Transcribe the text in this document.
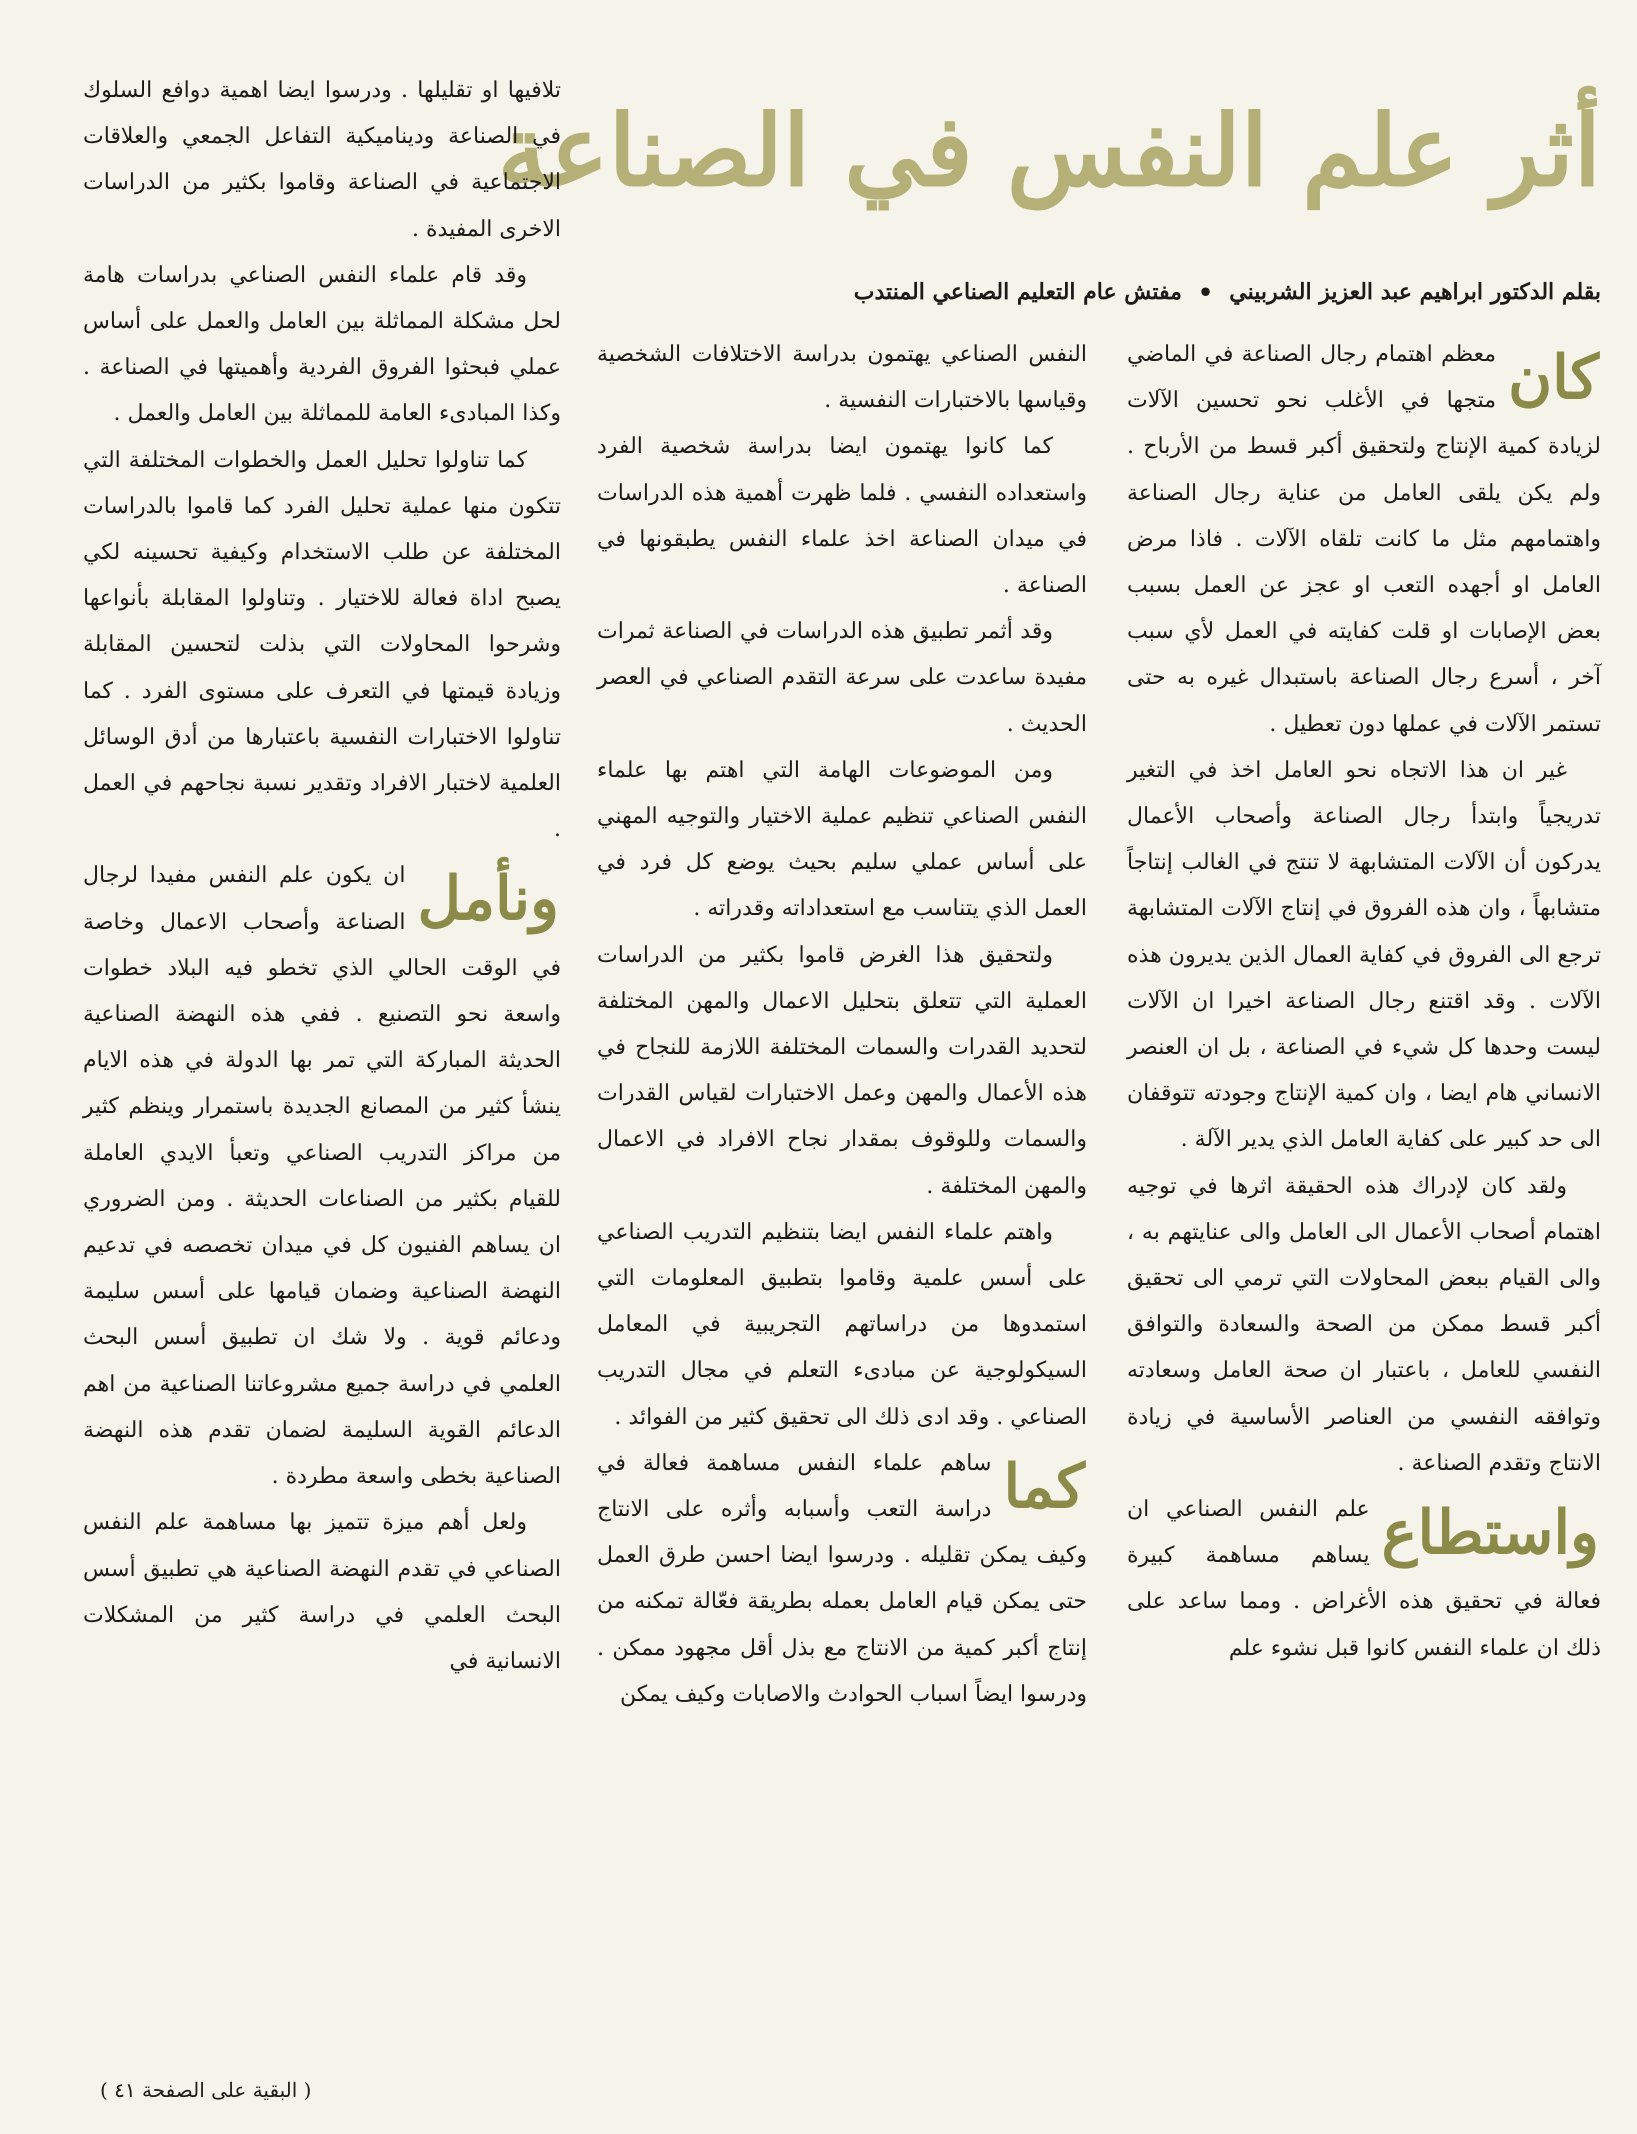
أثر علم النفس في الصناعة
بقلم الدكتور ابراهيم عبد العزيز الشربيني
•
مفتش عام التعليم الصناعي المنتدب

كان
معظم اهتمام رجال الصناعة في الماضي متجها في الأغلب نحو تحسين الآلات لزيادة كمية الإنتاج ولتحقيق أكبر قسط من الأرباح . ولم يكن يلقى العامل من عناية رجال الصناعة واهتمامهم مثل ما كانت تلقاه الآلات . فاذا مرض العامل او أجهده التعب او عجز عن العمل بسبب بعض الإصابات او قلت كفايته في العمل لأي سبب آخر ، أسرع رجال الصناعة باستبدال غيره به حتى تستمر الآلات في عملها دون تعطيل .

غير ان هذا الاتجاه نحو العامل اخذ في التغير تدريجياً وابتدأ رجال الصناعة وأصحاب الأعمال يدركون أن الآلات المتشابهة لا تنتج في الغالب إنتاجاً متشابهاً ، وان هذه الفروق في إنتاج الآلات المتشابهة ترجع الى الفروق في كفاية العمال الذين يديرون هذه الآلات . وقد اقتنع رجال الصناعة اخيرا ان الآلات ليست وحدها كل شيء في الصناعة ، بل ان العنصر الانساني هام ايضا ، وان كمية الإنتاج وجودته تتوقفان الى حد كبير على كفاية العامل الذي يدير الآلة .

ولقد كان لإدراك هذه الحقيقة اثرها في توجيه اهتمام أصحاب الأعمال الى العامل والى عنايتهم به ، والى القيام ببعض المحاولات التي ترمي الى تحقيق أكبر قسط ممكن من الصحة والسعادة والتوافق النفسي للعامل ، باعتبار ان صحة العامل وسعادته وتوافقه النفسي من العناصر الأساسية في زيادة الانتاج وتقدم الصناعة .

واستطاع
علم النفس الصناعي ان يساهم مساهمة كبيرة فعالة في تحقيق هذه الأغراض . ومما ساعد على ذلك ان علماء النفس كانوا قبل نشوء علم

النفس الصناعي يهتمون بدراسة الاختلافات الشخصية وقياسها بالاختبارات النفسية .

كما كانوا يهتمون ايضا بدراسة شخصية الفرد واستعداده النفسي . فلما ظهرت أهمية هذه الدراسات في ميدان الصناعة اخذ علماء النفس يطبقونها في الصناعة .

وقد أثمر تطبيق هذه الدراسات في الصناعة ثمرات مفيدة ساعدت على سرعة التقدم الصناعي في العصر الحديث .

ومن الموضوعات الهامة التي اهتم بها علماء النفس الصناعي تنظيم عملية الاختيار والتوجيه المهني على أساس عملي سليم بحيث يوضع كل فرد في العمل الذي يتناسب مع استعداداته وقدراته .

ولتحقيق هذا الغرض قاموا بكثير من الدراسات العملية التي تتعلق بتحليل الاعمال والمهن المختلفة لتحديد القدرات والسمات المختلفة اللازمة للنجاح في هذه الأعمال والمهن وعمل الاختبارات لقياس القدرات والسمات وللوقوف بمقدار نجاح الافراد في الاعمال والمهن المختلفة .

واهتم علماء النفس ايضا بتنظيم التدريب الصناعي على أسس علمية وقاموا بتطبيق المعلومات التي استمدوها من دراساتهم التجريبية في المعامل السيكولوجية عن مبادىء التعلم في مجال التدريب الصناعي . وقد ادى ذلك الى تحقيق كثير من الفوائد .

كما
ساهم علماء النفس مساهمة فعالة في دراسة التعب وأسبابه وأثره على الانتاج وكيف يمكن تقليله . ودرسوا ايضا احسن طرق العمل حتى يمكن قيام العامل بعمله بطريقة فعّالة تمكنه من إنتاج أكبر كمية من الانتاج مع بذل أقل مجهود ممكن . ودرسوا ايضاً اسباب الحوادث والاصابات وكيف يمكن

تلافيها او تقليلها . ودرسوا ايضا اهمية دوافع السلوك في الصناعة وديناميكية التفاعل الجمعي والعلاقات الاجتماعية في الصناعة وقاموا بكثير من الدراسات الاخرى المفيدة .

وقد قام علماء النفس الصناعي بدراسات هامة لحل مشكلة المماثلة بين العامل والعمل على أساس عملي فبحثوا الفروق الفردية وأهميتها في الصناعة . وكذا المبادىء العامة للمماثلة بين العامل والعمل .

كما تناولوا تحليل العمل والخطوات المختلفة التي تتكون منها عملية تحليل الفرد كما قاموا بالدراسات المختلفة عن طلب الاستخدام وكيفية تحسينه لكي يصبح اداة فعالة للاختيار . وتناولوا المقابلة بأنواعها وشرحوا المحاولات التي بذلت لتحسين المقابلة وزيادة قيمتها في التعرف على مستوى الفرد . كما تناولوا الاختبارات النفسية باعتبارها من أدق الوسائل العلمية لاختبار الافراد وتقدير نسبة نجاحهم في العمل .

ونأمل
ان يكون علم النفس مفيدا لرجال الصناعة وأصحاب الاعمال وخاصة في الوقت الحالي الذي تخطو فيه البلاد خطوات واسعة نحو التصنيع . ففي هذه النهضة الصناعية الحديثة المباركة التي تمر بها الدولة في هذه الايام ينشأ كثير من المصانع الجديدة باستمرار وينظم كثير من مراكز التدريب الصناعي وتعبأ الايدي العاملة للقيام بكثير من الصناعات الحديثة . ومن الضروري ان يساهم الفنيون كل في ميدان تخصصه في تدعيم النهضة الصناعية وضمان قيامها على أسس سليمة ودعائم قوية . ولا شك ان تطبيق أسس البحث العلمي في دراسة جميع مشروعاتنا الصناعية من اهم الدعائم القوية السليمة لضمان تقدم هذه النهضة الصناعية بخطى واسعة مطردة .

ولعل أهم ميزة تتميز بها مساهمة علم النفس الصناعي في تقدم النهضة الصناعية هي تطبيق أسس البحث العلمي في دراسة كثير من المشكلات الانسانية في

( البقية على الصفحة ٤١ )
